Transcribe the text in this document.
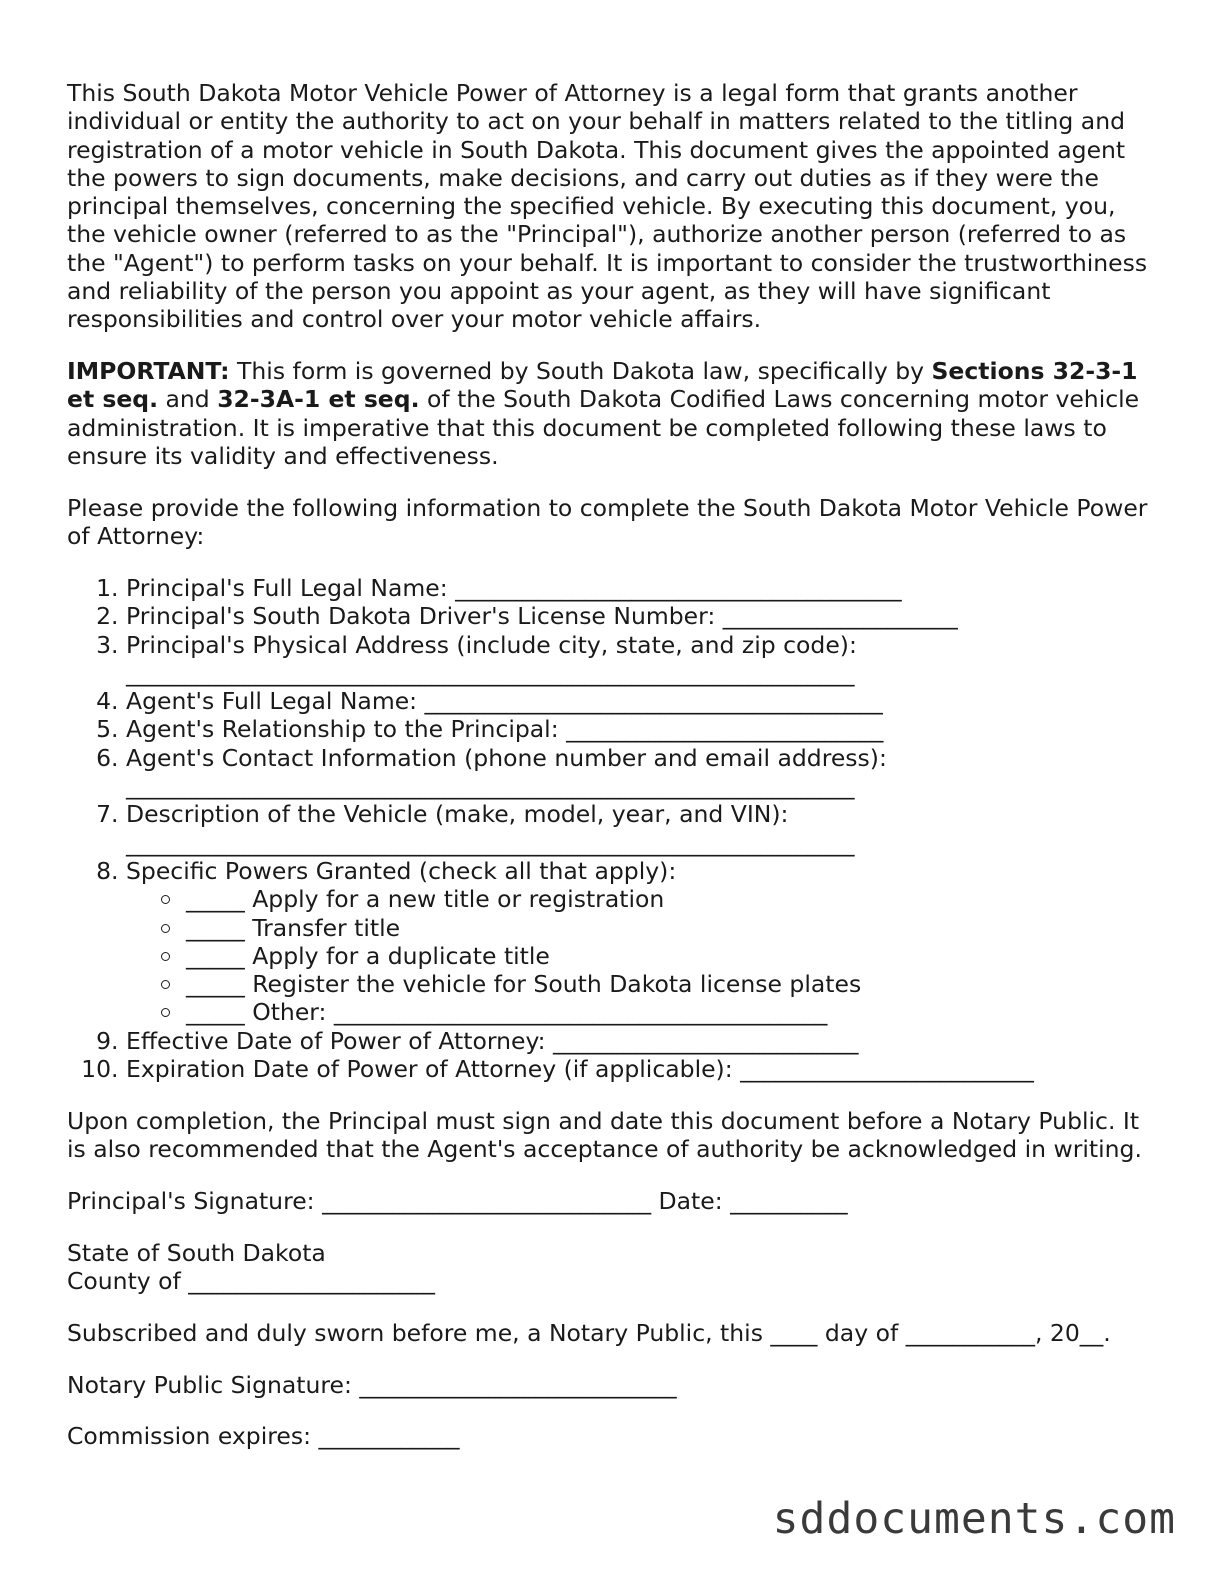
This South Dakota Motor Vehicle Power of Attorney is a legal form that grants another individual or entity the authority to act on your behalf in matters related to the titling and registration of a motor vehicle in South Dakota. This document gives the appointed agent the powers to sign documents, make decisions, and carry out duties as if they were the principal themselves, concerning the specified vehicle. By executing this document, you, the vehicle owner (referred to as the "Principal"), authorize another person (referred to as the "Agent") to perform tasks on your behalf. It is important to consider the trustworthiness and reliability of the person you appoint as your agent, as they will have significant responsibilities and control over your motor vehicle affairs.

IMPORTANT: This form is governed by South Dakota law, specifically by Sections 32-3-1 et seq. and 32-3A-1 et seq. of the South Dakota Codified Laws concerning motor vehicle administration. It is imperative that this document be completed following these laws to ensure its validity and effectiveness.

Please provide the following information to complete the South Dakota Motor Vehicle Power of Attorney:

1. Principal's Full Legal Name: ______________________________________
2. Principal's South Dakota Driver's License Number: ____________________
3. Principal's Physical Address (include city, state, and zip code):
______________________________________________________________
4. Agent's Full Legal Name: _______________________________________
5. Agent's Relationship to the Principal: ___________________________
6. Agent's Contact Information (phone number and email address):
______________________________________________________________
7. Description of the Vehicle (make, model, year, and VIN):
______________________________________________________________
8. Specific Powers Granted (check all that apply):
_____ Apply for a new title or registration
_____ Transfer title
_____ Apply for a duplicate title
_____ Register the vehicle for South Dakota license plates
_____ Other: __________________________________________
9. Effective Date of Power of Attorney: __________________________
10. Expiration Date of Power of Attorney (if applicable): _________________________

Upon completion, the Principal must sign and date this document before a Notary Public. It is also recommended that the Agent's acceptance of authority be acknowledged in writing.

Principal's Signature: ____________________________ Date: __________

State of South Dakota
County of _____________________

Subscribed and duly sworn before me, a Notary Public, this ____ day of ___________, 20__.

Notary Public Signature: ___________________________

Commission expires: ____________

sddocuments.com
